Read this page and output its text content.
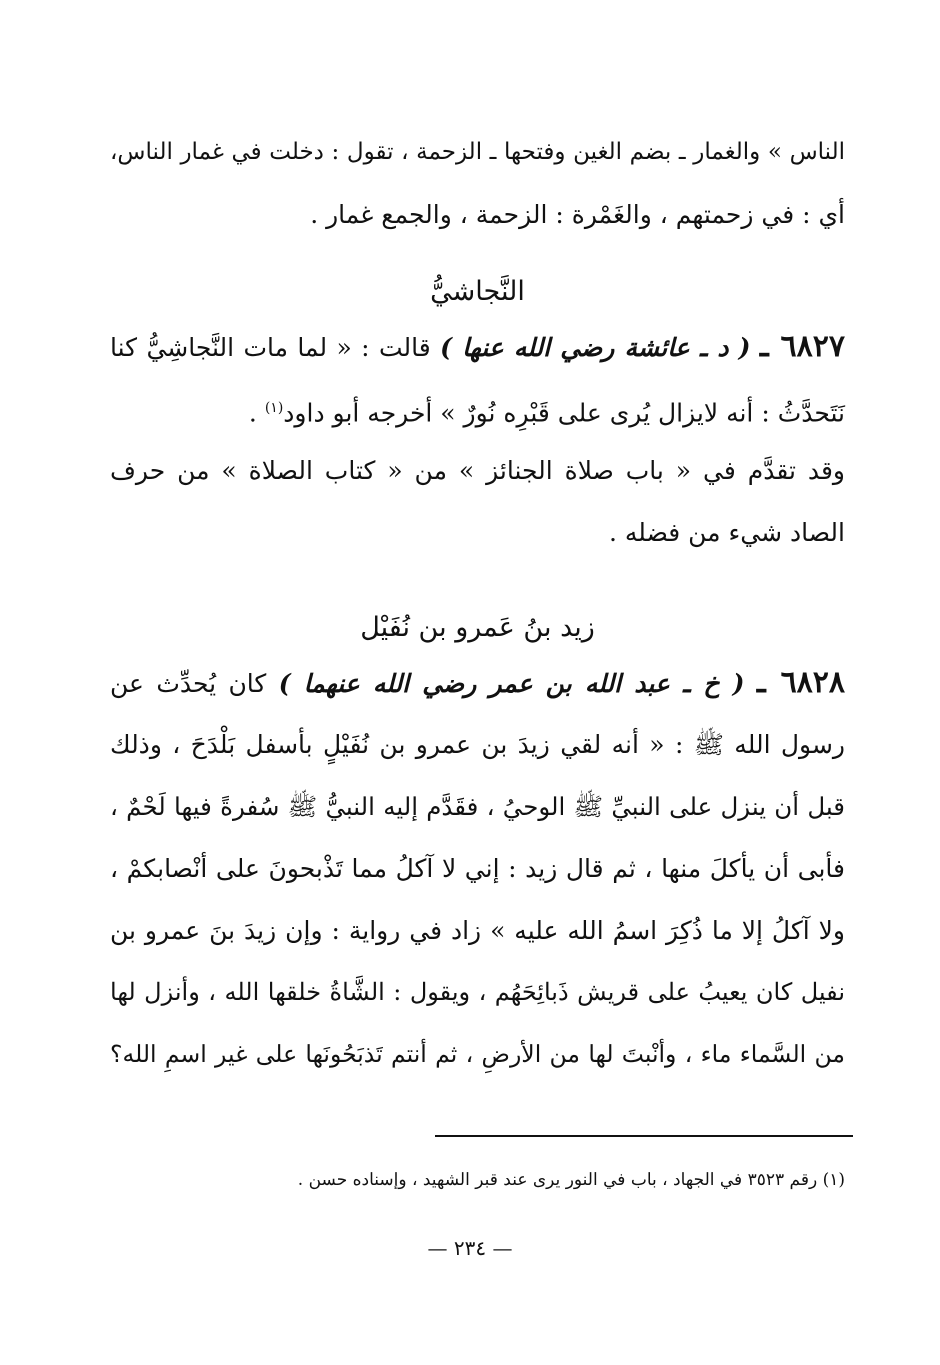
الناس » والغمار ـ بضم الغين وفتحها ـ الزحمة ، تقول : دخلت في غمار الناس،
أي : في زحمتهم ، والغَمْرة : الزحمة ، والجمع غمار .
النَّجاشيُّ
٦٨٢٧ ـ ( د ـ عائشة رضي الله عنها ) قالت : « لما مات النَّجاشِيُّ كنا
نَتَحدَّثُ : أنه لايزال يُرى على قَبْرِه نُورٌ » أخرجه أبو داود$^{(١)}$ .
وقد تقدَّم في « باب صلاة الجنائز » من « كتاب الصلاة » من حرف
الصاد شيء من فضله .
زيد بنُ عَمرو بن نُفَيْل
٦٨٢٨ ـ ( خ ـ عبد الله بن عمر رضي الله عنهما ) كان يُحدِّث عن
رسول الله ﷺ : « أنه لقي زيدَ بن عمرو بن نُفَيْلٍ بأسفل بَلْدَحَ ، وذلك
قبل أن ينزل على النبيِّ ﷺ الوحيُ ، فقَدَّم إليه النبيُّ ﷺ سُفرةً فيها لَحْمٌ ،
فأبى أن يأكلَ منها ، ثم قال زيد : إني لا آكلُ مما تَذْبحونَ على أنْصابكمْ ،
ولا آكلُ إلا ما ذُكِرَ اسمُ الله عليه » زاد في رواية : وإن زيدَ بنَ عمرو بن
نفيل كان يعيبُ على قريش ذَبائِحَهُم ، ويقول : الشَّاةُ خلقها الله ، وأنزل لها
من السَّماء ماء ، وأنْبتَ لها من الأرضِ ، ثم أنتم تَذبَحُونَها على غير اسمِ الله؟
(١) رقم ٣٥٢٣ في الجهاد ، باب في النور يرى عند قبر الشهيد ، وإسناده حسن .
— ٢٣٤ —
